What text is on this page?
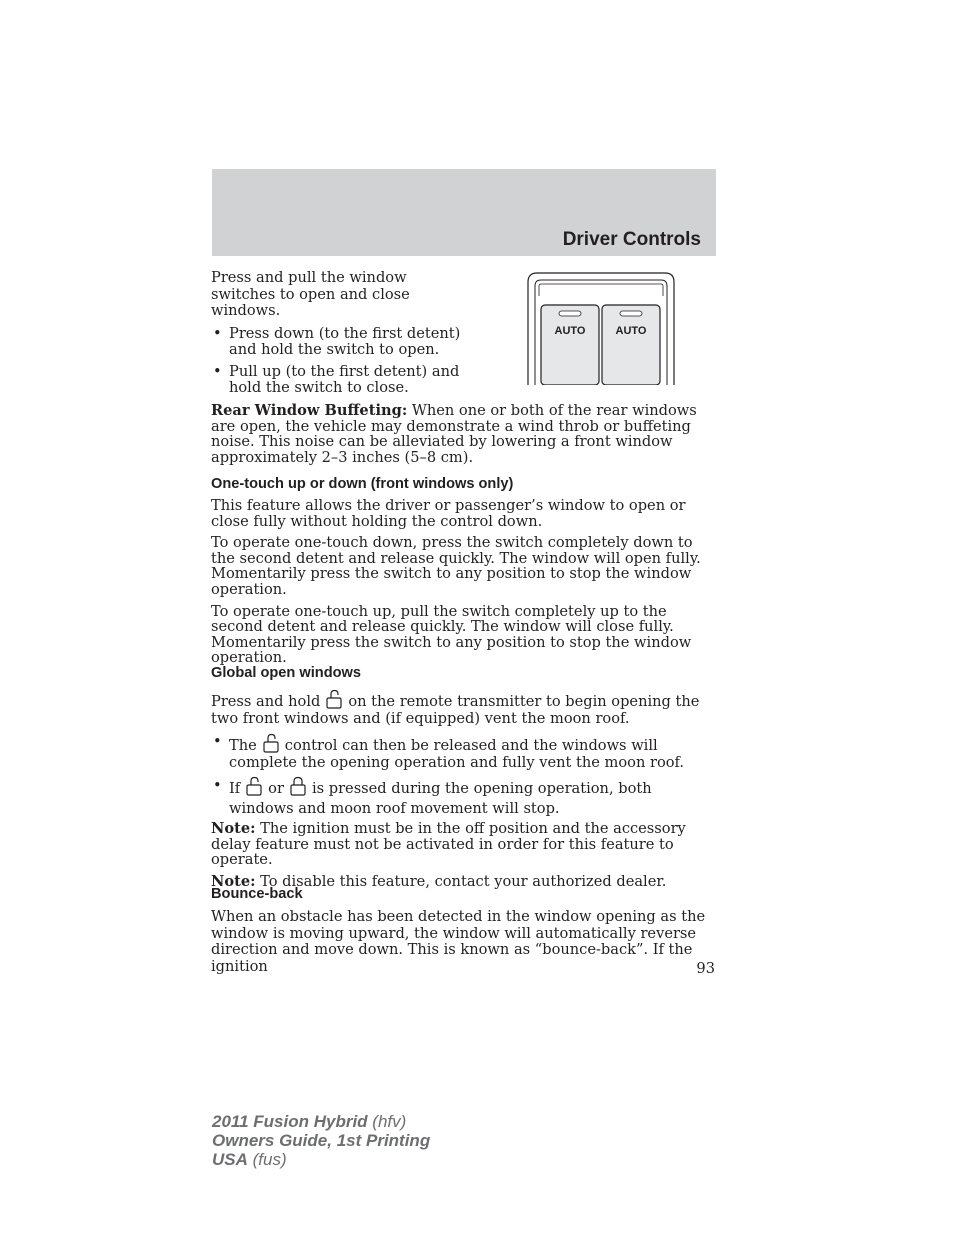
Driver Controls

Press and pull the window switches to open and close windows.

• Press down (to the first detent) and hold the switch to open.
• Pull up (to the first detent) and hold the switch to close.
AUTO	AUTO

Rear Window Buffeting: When one or both of the rear windows are open, the vehicle may demonstrate a wind throb or buffeting noise. This noise can be alleviated by lowering a front window approximately 2–3 inches (5–8 cm).

One-touch up or down (front windows only)

This feature allows the driver or passenger’s window to open or close fully without holding the control down.

To operate one-touch down, press the switch completely down to the second detent and release quickly. The window will open fully. Momentarily press the switch to any position to stop the window operation.

To operate one-touch up, pull the switch completely up to the second detent and release quickly. The window will close fully. Momentarily press the switch to any position to stop the window operation.

Global open windows

Press and hold on the remote transmitter to begin opening the two front windows and (if equipped) vent the moon roof.

• The control can then be released and the windows will complete the opening operation and fully vent the moon roof.
• If or is pressed during the opening operation, both windows and moon roof movement will stop.

Note: The ignition must be in the off position and the accessory delay feature must not be activated in order for this feature to operate.

Note: To disable this feature, contact your authorized dealer.

Bounce-back

When an obstacle has been detected in the window opening as the window is moving upward, the window will automatically reverse direction and move down. This is known as “bounce-back”. If the ignition	93
2011 Fusion Hybrid (hfv)
Owners Guide, 1st Printing
USA (fus)
